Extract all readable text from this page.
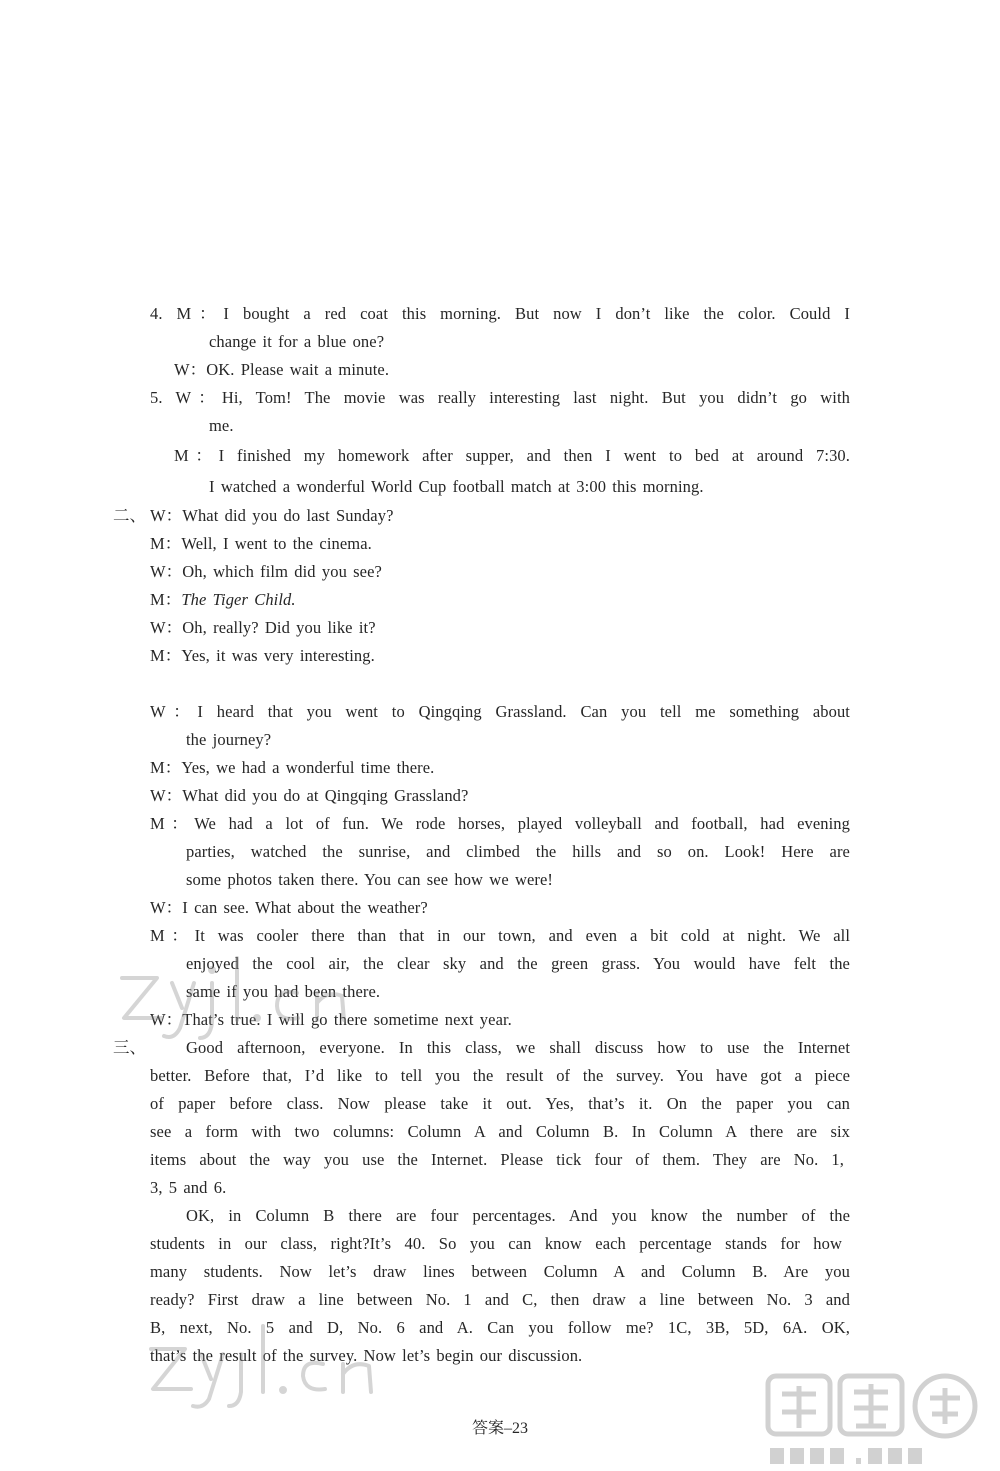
4. M：I bought a red coat this morning. But now I don’t like the color. Could I
change it for a blue one?
W：OK. Please wait a minute.
5. W：Hi, Tom! The movie was really interesting last night. But you didn’t go with
me.
M：I finished my homework after supper, and then I went to bed at around 7:30.
I watched a wonderful World Cup football match at 3:00 this morning.
二、 W：What did you do last Sunday?
M：Well, I went to the cinema.
W：Oh, which film did you see?
M：The Tiger Child.
W：Oh, really? Did you like it?
M：Yes, it was very interesting.
W：I heard that you went to Qingqing Grassland. Can you tell me something about
the journey?
M：Yes, we had a wonderful time there.
W：What did you do at Qingqing Grassland?
M：We had a lot of fun. We rode horses, played volleyball and football, had evening
parties, watched the sunrise, and climbed the hills and so on. Look! Here are
some photos taken there. You can see how we were!
W：I can see. What about the weather?
M：It was cooler there than that in our town, and even a bit cold at night. We all
enjoyed the cool air, the clear sky and the green grass. You would have felt the
same if you had been there.
W：That’s true. I will go there sometime next year.
三、 Good afternoon, everyone. In this class, we shall discuss how to use the Internet
better. Before that, I’d like to tell you the result of the survey. You have got a piece
of paper before class. Now please take it out. Yes, that’s it. On the paper you can
see a form with two columns: Column A and Column B. In Column A there are six
items about the way you use the Internet. Please tick four of them. They are No. 1,
3, 5 and 6.
OK, in Column B there are four percentages. And you know the number of the
students in our class, right?It’s 40. So you can know each percentage stands for how
many students. Now let’s draw lines between Column A and Column B. Are you
ready? First draw a line between No. 1 and C, then draw a line between No. 3 and
B, next, No. 5 and D, No. 6 and A. Can you follow me? 1C, 3B, 5D, 6A. OK,
that’s the result of the survey. Now let’s begin our discussion.
答案–23
